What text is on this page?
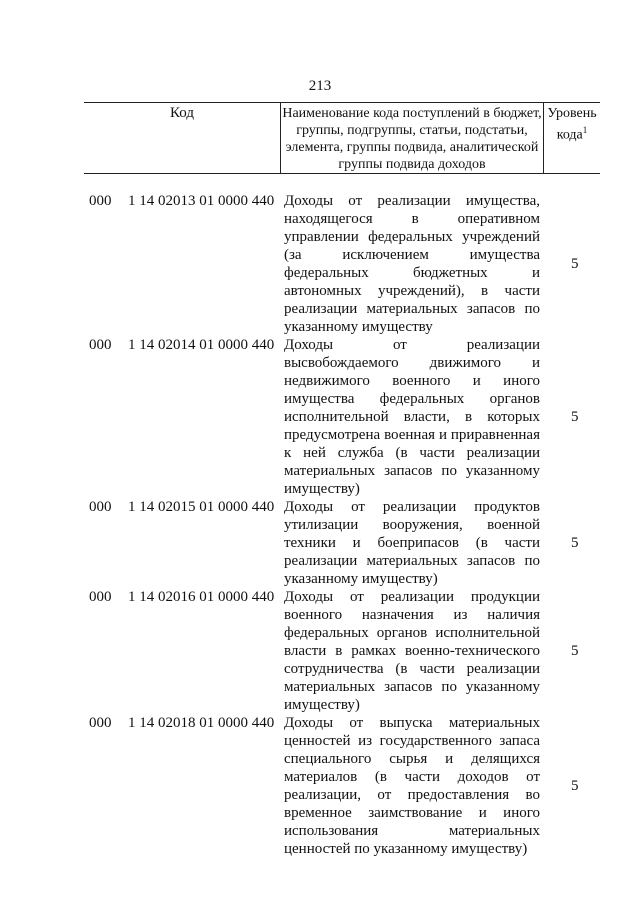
213
Код	Наименование кода поступлений в бюджет, группы, подгруппы, статьи, подстатьи, элемента, группы подвида, аналитической группы подвида доходов
Уровень кода$^1$
000 1 14 02013 01 0000 440 Доходы от реализации имущества, находящегося в оперативном управлении федеральных учреждений (за исключением имущества федеральных бюджетных и автономных учреждений), в части реализации материальных запасов по указанному имуществу
5
000 1 14 02014 01 0000 440 Доходы от реализации высвобождаемого движимого и недвижимого военного и иного имущества федеральных органов исполнительной власти, в которых предусмотрена военная и приравненная к ней служба (в части реализации материальных запасов по указанному имуществу)
5
000 1 14 02015 01 0000 440 Доходы от реализации продуктов утилизации вооружения, военной техники и боеприпасов (в части реализации материальных запасов по указанному имуществу)
5
000 1 14 02016 01 0000 440 Доходы от реализации продукции военного назначения из наличия федеральных органов исполнительной власти в рамках военно-технического сотрудничества (в части реализации материальных запасов по указанному имуществу)
5
000 1 14 02018 01 0000 440 Доходы от выпуска материальных ценностей из государственного запаса специального сырья и делящихся материалов (в части доходов от реализации, от предоставления во временное заимствование и иного использования материальных ценностей по указанному имуществу)
5
